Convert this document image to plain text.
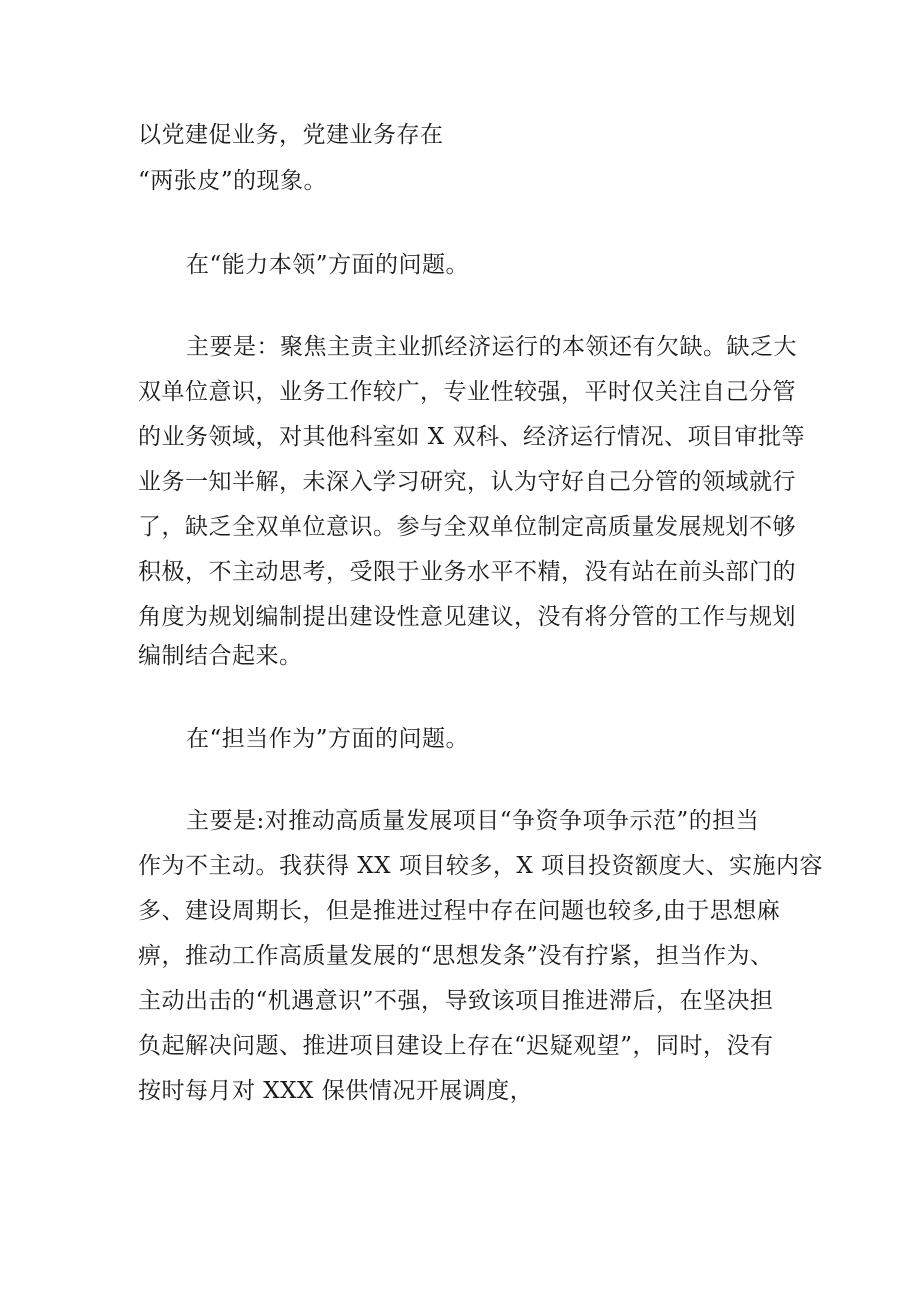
以党建促业务，党建业务存在
“两张皮”的现象。
在“能力本领”方面的问题。
主要是：聚焦主责主业抓经济运行的本领还有欠缺。缺乏大
双单位意识，业务工作较广，专业性较强，平时仅关注自己分管
的业务领域，对其他科室如 X 双科、经济运行情况、项目审批等
业务一知半解，未深入学习研究，认为守好自己分管的领域就行
了，缺乏全双单位意识。参与全双单位制定高质量发展规划不够
积极，不主动思考，受限于业务水平不精，没有站在前头部门的
角度为规划编制提出建设性意见建议，没有将分管的工作与规划
编制结合起来。
在“担当作为”方面的问题。
主要是:对推动高质量发展项目“争资争项争示范”的担当
作为不主动。我获得 XX 项目较多，X 项目投资额度大、实施内容
多、建设周期长，但是推进过程中存在问题也较多,由于思想麻
痹，推动工作高质量发展的“思想发条”没有拧紧，担当作为、
主动出击的“机遇意识”不强，导致该项目推进滞后，在坚决担
负起解决问题、推进项目建设上存在“迟疑观望”，同时，没有
按时每月对 XXX 保供情况开展调度，
